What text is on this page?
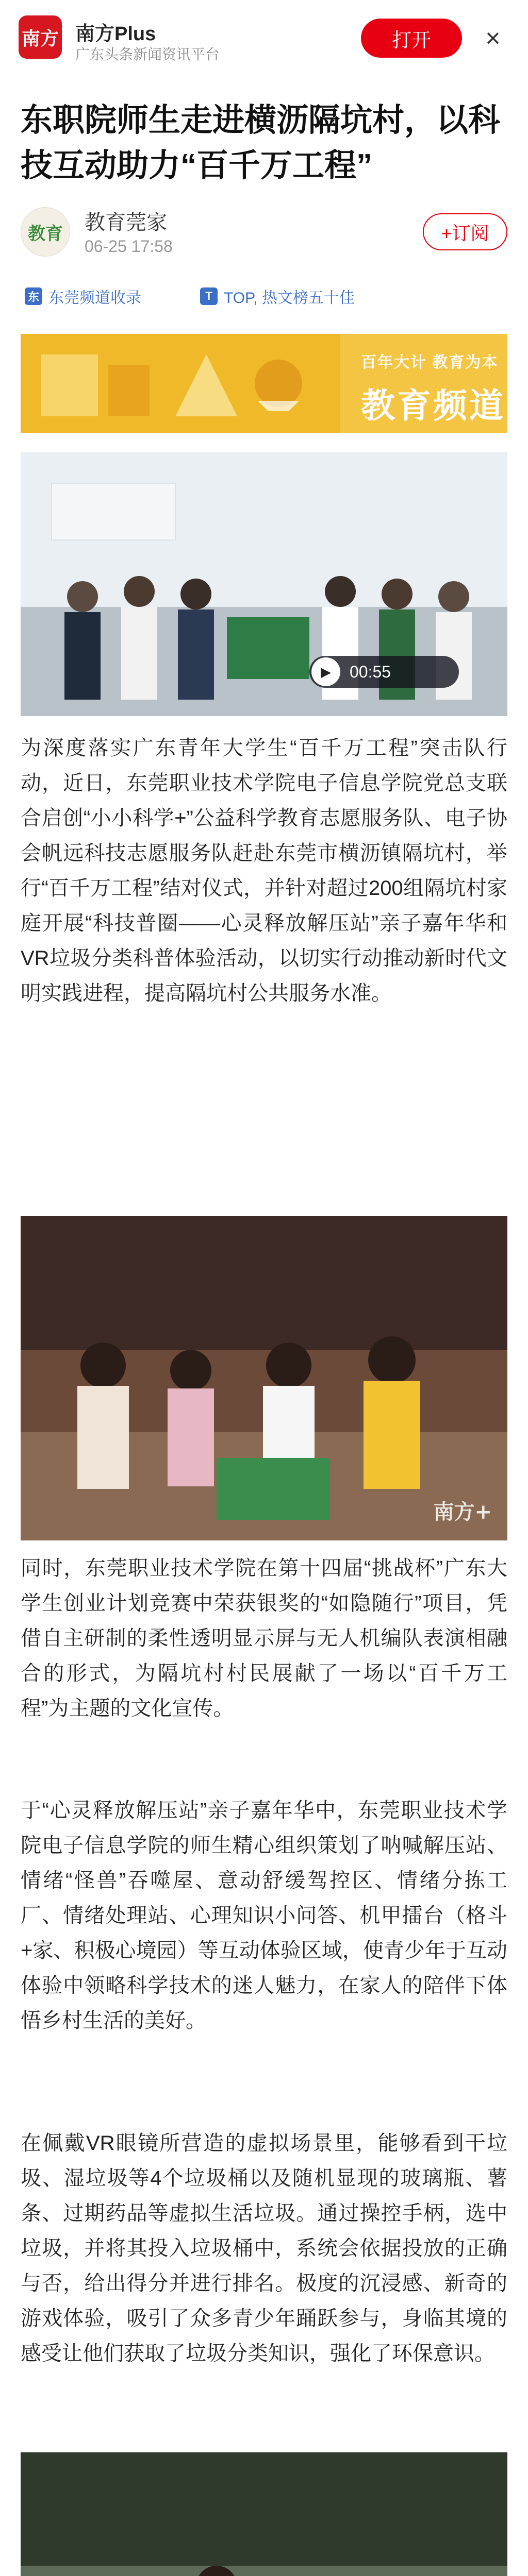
南方 南方Plus
广东头条新闻资讯平台
打开	×
东职院师生走进横沥隔坑村，以科技互动助力“百千万工程”
教育	教育莞家
06-25 17:58
+订阅
东 东莞频道收录	T TOP, 热文榜五十佳
百年大计 教育为本
教育频道
▶	00:55
为深度落实广东青年大学生“百千万工程”突击队行动，近日，东莞职业技术学院电子信息学院党总支联合启创“小小科学+”公益科学教育志愿服务队、电子协会帆远科技志愿服务队赶赴东莞市横沥镇隔坑村，举行“百千万工程”结对仪式，并针对超过200组隔坑村家庭开展“科技普圈——心灵释放解压站”亲子嘉年华和VR垃圾分类科普体验活动，以切实行动推动新时代文明实践进程，提高隔坑村公共服务水准。
南方+
同时，东莞职业技术学院在第十四届“挑战杯”广东大学生创业计划竞赛中荣获银奖的“如隐随行”项目，凭借自主研制的柔性透明显示屏与无人机编队表演相融合的形式，为隔坑村村民展献了一场以“百千万工程”为主题的文化宣传。
于“心灵释放解压站”亲子嘉年华中，东莞职业技术学院电子信息学院的师生精心组织策划了呐喊解压站、情绪“怪兽”吞噬屋、意动舒缓驾控区、情绪分拣工厂、情绪处理站、心理知识小问答、机甲擂台（格斗+家、积极心境园）等互动体验区域，使青少年于互动体验中领略科学技术的迷人魅力，在家人的陪伴下体悟乡村生活的美好。
在佩戴VR眼镜所营造的虚拟场景里，能够看到干垃圾、湿垃圾等4个垃圾桶以及随机显现的玻璃瓶、薯条、过期药品等虚拟生活垃圾。通过操控手柄，选中垃圾，并将其投入垃圾桶中，系统会依据投放的正确与否，给出得分并进行排名。极度的沉浸感、新奇的游戏体验，吸引了众多青少年踊跃参与，身临其境的感受让他们获取了垃圾分类知识，强化了环保意识。
